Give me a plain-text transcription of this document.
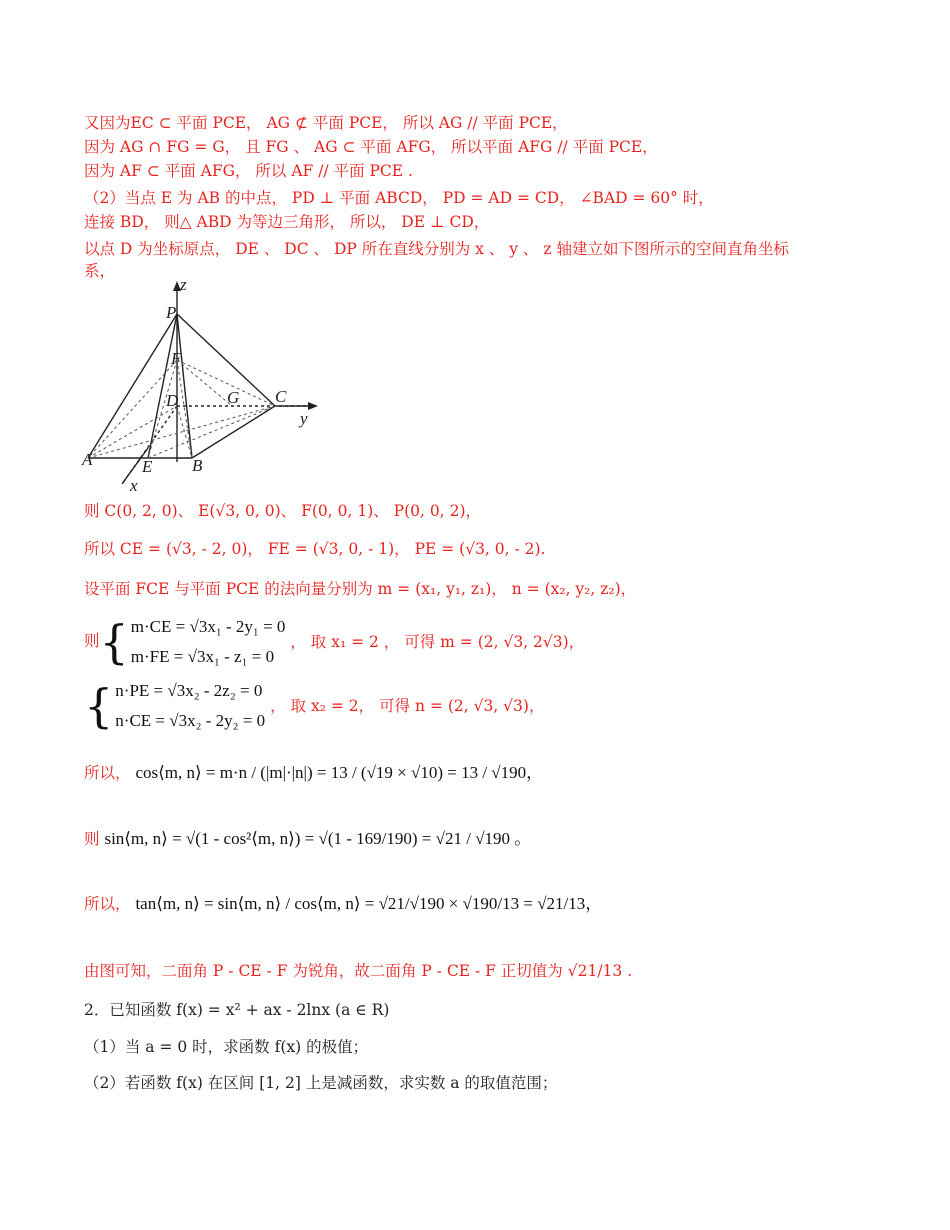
又因为EC ⊂ 平面 PCE， AG ⊄ 平面 PCE， 所以 AG // 平面 PCE，
因为 AG ∩ FG = G， 且 FG 、 AG ⊂ 平面 AFG， 所以平面 AFG // 平面 PCE，
因为 AF ⊂ 平面 AFG， 所以 AF // 平面 PCE .
（2）当点 E 为 AB 的中点， PD ⊥ 平面 ABCD， PD = AD = CD， ∠BAD = 60° 时，
连接 BD， 则△ ABD 为等边三角形， 所以， DE ⊥ CD，
以点 D 为坐标原点， DE 、 DC 、 DP 所在直线分别为 x 、 y 、 z 轴建立如下图所示的空间直角坐标
系，
z
P
F
D	G C
y
A	E B
x
则 C(0, 2, 0)、 E(√3, 0, 0)、 F(0, 0, 1)、 P(0, 0, 2)，
所以 CE = (√3, - 2, 0)， FE = (√3, 0, - 1)， PE = (√3, 0, - 2).
设平面 FCE 与平面 PCE 的法向量分别为 m = (x₁, y₁, z₁)， n = (x₂, y₂, z₂)，
则{ m·CE = √3x₁ - 2y₁ = 0
m·FE = √3x₁ - z₁ = 0
， 取 x₁ = 2 ， 可得 m = (2, √3, 2√3)，
{ n·PE = √3x₂ - 2z₂ = 0
n·CE = √3x₂ - 2y₂ = 0
， 取 x₂ = 2， 可得 n = (2, √3, √3)，
所以， cos⟨m, n⟩ = m·n / (|m|·|n|) = 13 / (√19 × √10) = 13 / √190，
则 sin⟨m, n⟩ = √(1 - cos²⟨m, n⟩) = √(1 - 169/190) = √21 / √190 。
所以， tan⟨m, n⟩ = sin⟨m, n⟩ / cos⟨m, n⟩ = √21/√190 × √190/13 = √21/13，
由图可知，二面角 P - CE - F 为锐角，故二面角 P - CE - F 正切值为 √21/13 .
2．已知函数 f(x) = x² + ax - 2lnx (a ∈ R)
（1）当 a = 0 时，求函数 f(x) 的极值；
（2）若函数 f(x) 在区间 [1, 2] 上是减函数，求实数 a 的取值范围；
